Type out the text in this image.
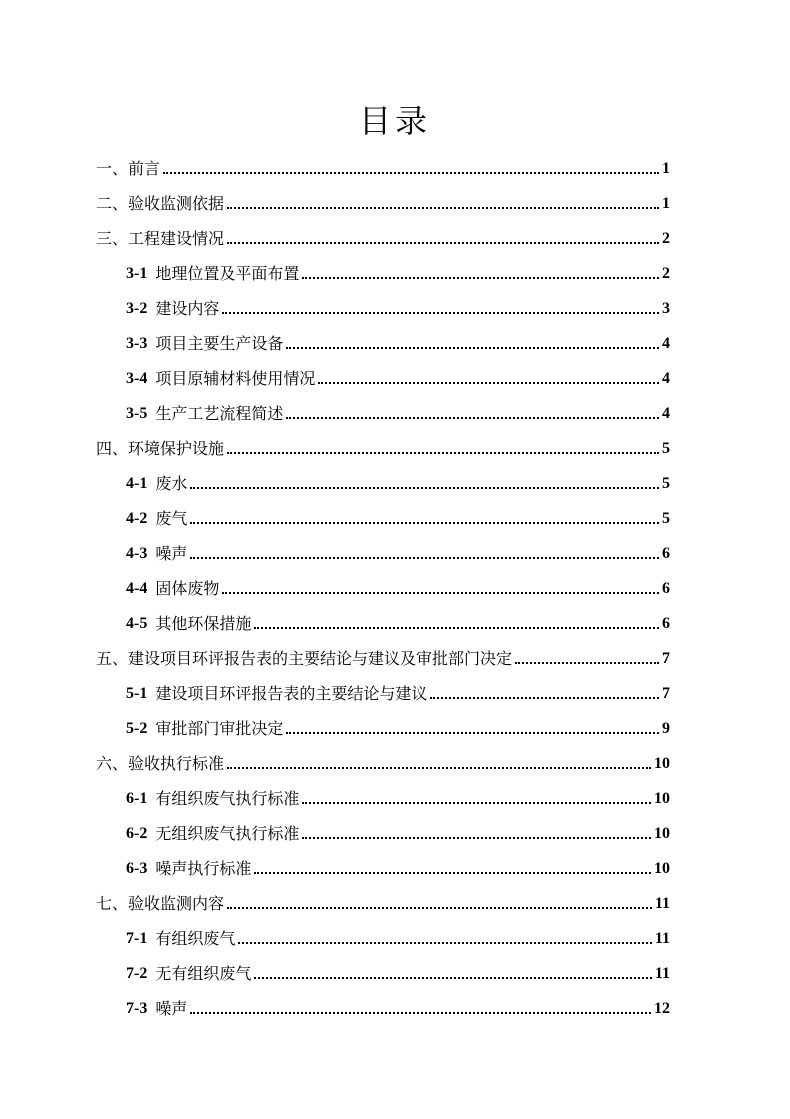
目录
一、前言	1
二、验收监测依据	1
三、工程建设情况	2
3-1 地理位置及平面布置	2
3-2 建设内容	3
3-3 项目主要生产设备	4
3-4 项目原辅材料使用情况	4
3-5 生产工艺流程简述	4
四、环境保护设施	5
4-1 废水	5
4-2 废气	5
4-3 噪声	6
4-4 固体废物	6
4-5 其他环保措施	6
五、建设项目环评报告表的主要结论与建议及审批部门决定	7
5-1 建设项目环评报告表的主要结论与建议	7
5-2 审批部门审批决定	9
六、验收执行标准	10
6-1 有组织废气执行标准	10
6-2 无组织废气执行标准	10
6-3 噪声执行标准	10
七、验收监测内容	11
7-1 有组织废气	11
7-2 无有组织废气	11
7-3 噪声	12
